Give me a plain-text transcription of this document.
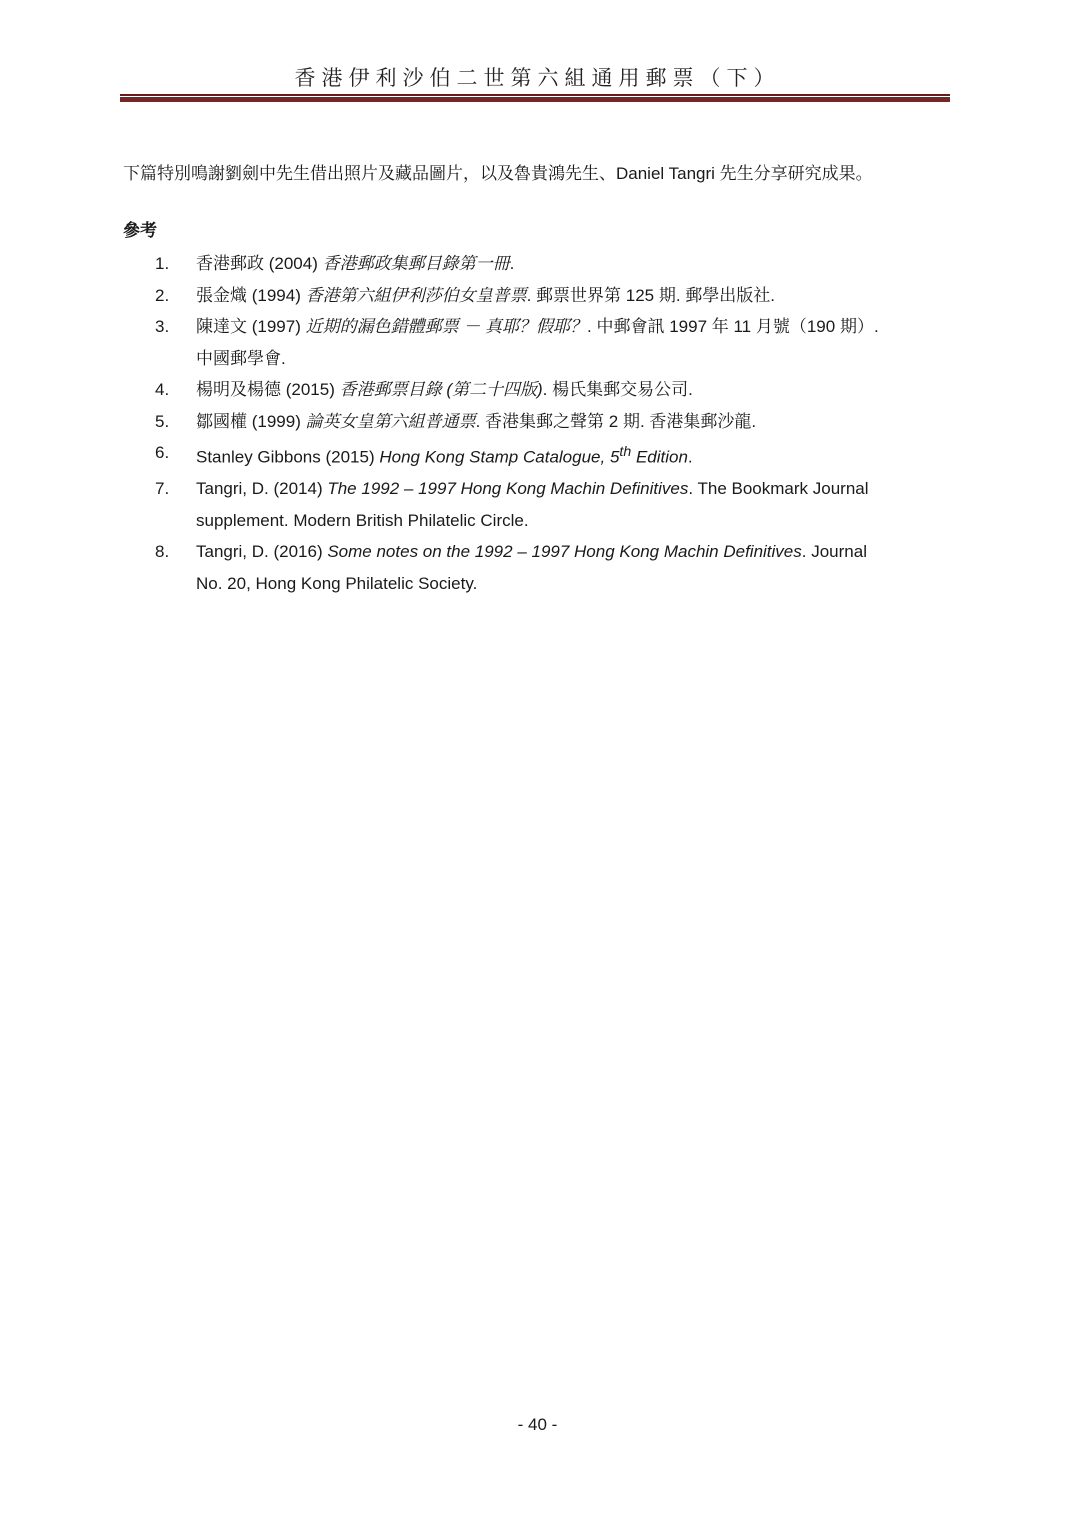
香港伊利沙伯二世第六組通用郵票（下）
下篇特別鳴謝劉劍中先生借出照片及藏品圖片，以及魯貴鴻先生、Daniel Tangri 先生分享研究成果。
參考
1.	香港郵政 (2004) 香港郵政集郵目錄第一冊.
2.	張金熾 (1994) 香港第六組伊利莎伯女皇普票. 郵票世界第 125 期. 郵學出版社.
3.	陳達文 (1997) 近期的漏色錯體郵票 － 真耶？假耶？. 中郵會訊 1997 年 11 月號（190 期）. 中國郵學會.
4.	楊明及楊德 (2015) 香港郵票目錄 (第二十四版). 楊氏集郵交易公司.
5.	鄒國權 (1999) 論英女皇第六組普通票. 香港集郵之聲第 2 期. 香港集郵沙龍.
6.	Stanley Gibbons (2015) Hong Kong Stamp Catalogue, 5th Edition.
7.	Tangri, D. (2014) The 1992 – 1997 Hong Kong Machin Definitives. The Bookmark Journal supplement. Modern British Philatelic Circle.
8.	Tangri, D. (2016) Some notes on the 1992 – 1997 Hong Kong Machin Definitives. Journal No. 20, Hong Kong Philatelic Society.
- 40 -
